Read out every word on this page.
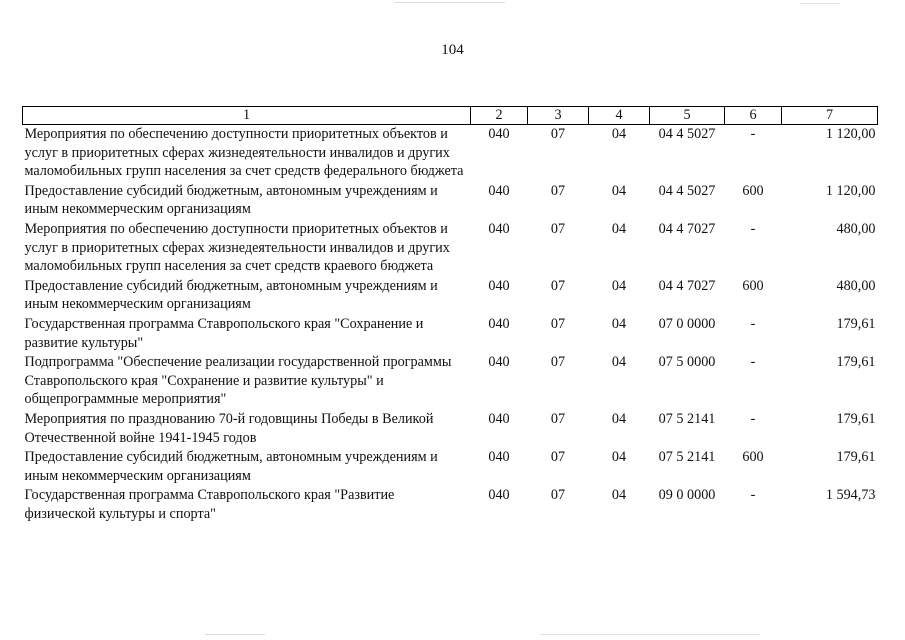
104
1	2	3	4	5	6	7
Мероприятия по обеспечению доступности приоритетных объектов и услуг в приоритетных сферах жизнедеятельности инвалидов и других маломобильных групп населения за счет средств федерального бюджета	040	07	04	04 4 5027	-	1 120,00
Предоставление субсидий бюджетным, автономным учреждениям и иным некоммерческим организациям	040	07	04	04 4 5027	600	1 120,00
Мероприятия по обеспечению доступности приоритетных объектов и услуг в приоритетных сферах жизнедеятельности инвалидов и других маломобильных групп населения за счет средств краевого бюджета	040	07	04	04 4 7027	-	480,00
Предоставление субсидий бюджетным, автономным учреждениям и иным некоммерческим организациям	040	07	04	04 4 7027	600	480,00
Государственная программа Ставропольского края "Сохранение и развитие культуры"	040	07	04	07 0 0000	-	179,61
Подпрограмма "Обеспечение реализации государственной программы Ставропольского края "Сохранение и развитие культуры" и общепрограммные мероприятия"	040	07	04	07 5 0000	-	179,61
Мероприятия по празднованию 70-й годовщины Победы в Великой Отечественной войне 1941-1945 годов	040	07	04	07 5 2141	-	179,61
Предоставление субсидий бюджетным, автономным учреждениям и иным некоммерческим организациям	040	07	04	07 5 2141	600	179,61
Государственная программа Ставропольского края "Развитие физической культуры и спорта"	040	07	04	09 0 0000	-	1 594,73
